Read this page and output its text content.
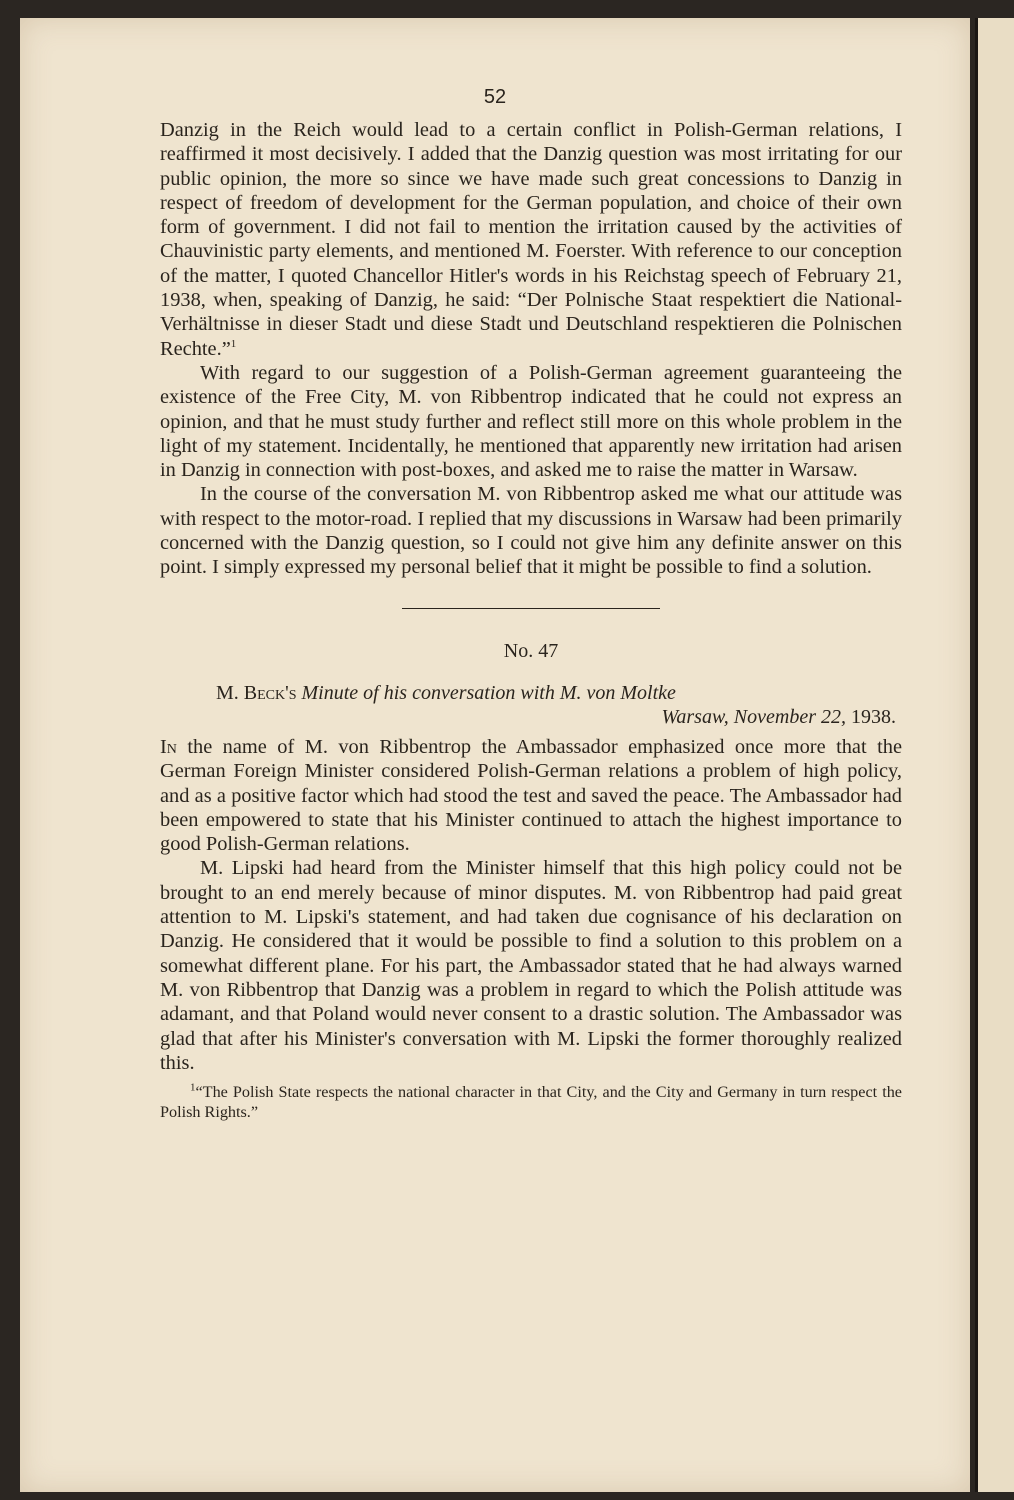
52

Danzig in the Reich would lead to a certain conflict in Polish-German relations, I reaffirmed it most decisively. I added that the Danzig question was most irritating for our public opinion, the more so since we have made such great concessions to Danzig in respect of freedom of development for the German population, and choice of their own form of government. I did not fail to mention the irritation caused by the activities of Chauvinistic party elements, and mentioned M. Foerster. With reference to our conception of the matter, I quoted Chancellor Hitler's words in his Reichstag speech of February 21, 1938, when, speaking of Danzig, he said: “Der Polnische Staat respektiert die National-Verhältnisse in dieser Stadt und diese Stadt und Deutschland respektieren die Polnischen Rechte.”$^1$

With regard to our suggestion of a Polish-German agreement guaranteeing the existence of the Free City, M. von Ribbentrop indicated that he could not express an opinion, and that he must study further and reflect still more on this whole problem in the light of my statement. Incidentally, he mentioned that apparently new irritation had arisen in Danzig in connection with post-boxes, and asked me to raise the matter in Warsaw.

In the course of the conversation M. von Ribbentrop asked me what our attitude was with respect to the motor-road. I replied that my discussions in Warsaw had been primarily concerned with the Danzig question, so I could not give him any definite answer on this point. I simply expressed my personal belief that it might be possible to find a solution.

No. 47
M. Beck's Minute of his conversation with M. von Moltke
Warsaw, November 22, 1938.

In the name of M. von Ribbentrop the Ambassador emphasized once more that the German Foreign Minister considered Polish-German relations a problem of high policy, and as a positive factor which had stood the test and saved the peace. The Ambassador had been empowered to state that his Minister continued to attach the highest importance to good Polish-German relations.

M. Lipski had heard from the Minister himself that this high policy could not be brought to an end merely because of minor disputes. M. von Ribbentrop had paid great attention to M. Lipski's statement, and had taken due cognisance of his declaration on Danzig. He considered that it would be possible to find a solution to this problem on a somewhat different plane. For his part, the Ambassador stated that he had always warned M. von Ribbentrop that Danzig was a problem in regard to which the Polish attitude was adamant, and that Poland would never consent to a drastic solution. The Ambassador was glad that after his Minister's conversation with M. Lipski the former thoroughly realized this.

$^1$“The Polish State respects the national character in that City, and the City and Germany in turn respect the Polish Rights.”
